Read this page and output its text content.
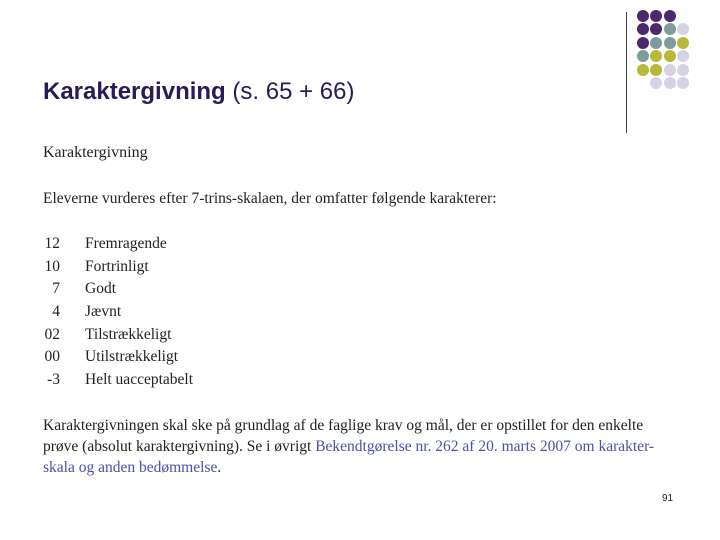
Karaktergivning (s. 65 + 66)
Karaktergivning
Eleverne vurderes efter 7-trins-skalaen, der omfatter følgende karakterer:
12 Fremragende
10 Fortrinligt
7 Godt
4 Jævnt
02 Tilstrækkeligt
00 Utilstrækkeligt
-3 Helt uacceptabelt
Karaktergivningen skal ske på grundlag af de faglige krav og mål, der er opstillet for den enkelte
prøve (absolut karaktergivning). Se i øvrigt Bekendtgørelse nr. 262 af 20. marts 2007 om karakter-
skala og anden bedømmelse.
91
